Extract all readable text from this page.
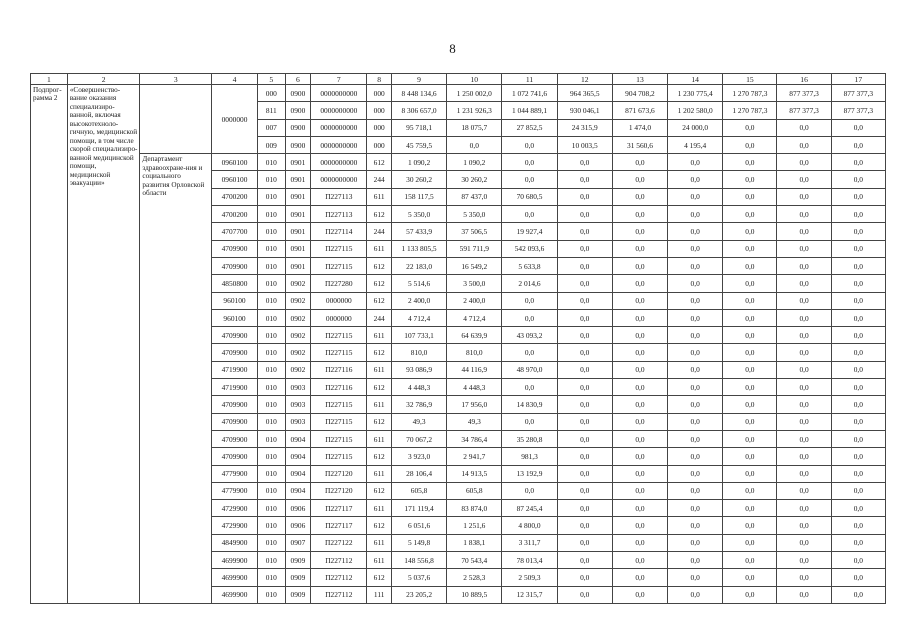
8
1	2	3	4	5	6	7	8	9	10	11	12	13	14	15	16	17
Подпрог-рамма 2	«Совершенство-вание оказания специализиро-ванной, включая высокотехноло-гичную, медицинской помощи, в том числе скорой специализиро-ванной медицинской помощи, медицинской эвакуации»		0000000	000	0900	0000000000	000	8 448 134,6	1 250 002,0	1 072 741,6	964 365,5	904 708,2	1 230 775,4	1 270 787,3	877 377,3	877 377,3
				811	0900	0000000000	000	8 306 657,0	1 231 926,3	1 044 889,1	930 046,1	871 673,6	1 202 580,0	1 270 787,3	877 377,3	877 377,3
				007	0900	0000000000	000	95 718,1	18 075,7	27 852,5	24 315,9	1 474,0	24 000,0	0,0	0,0	0,0
				009	0900	0000000000	000	45 759,5	0,0	0,0	10 003,5	31 560,6	4 195,4	0,0	0,0	0,0
		Департамент здравоохране-ния и социального развития Орловской области	0960100	010	0901	0000000000	612	1 090,2	1 090,2	0,0	0,0	0,0	0,0	0,0	0,0	0,0
			0960100	010	0901	0000000000	244	30 260,2	30 260,2	0,0	0,0	0,0	0,0	0,0	0,0	0,0
			4700200	010	0901	П227113	611	158 117,5	87 437,0	70 680,5	0,0	0,0	0,0	0,0	0,0	0,0
			4700200	010	0901	П227113	612	5 350,0	5 350,0	0,0	0,0	0,0	0,0	0,0	0,0	0,0
			4707700	010	0901	П227114	244	57 433,9	37 506,5	19 927,4	0,0	0,0	0,0	0,0	0,0	0,0
			4709900	010	0901	П227115	611	1 133 805,5	591 711,9	542 093,6	0,0	0,0	0,0	0,0	0,0	0,0
			4709900	010	0901	П227115	612	22 183,0	16 549,2	5 633,8	0,0	0,0	0,0	0,0	0,0	0,0
			4850800	010	0902	П227280	612	5 514,6	3 500,0	2 014,6	0,0	0,0	0,0	0,0	0,0	0,0
			960100	010	0902	0000000	612	2 400,0	2 400,0	0,0	0,0	0,0	0,0	0,0	0,0	0,0
			960100	010	0902	0000000	244	4 712,4	4 712,4	0,0	0,0	0,0	0,0	0,0	0,0	0,0
			4709900	010	0902	П227115	611	107 733,1	64 639,9	43 093,2	0,0	0,0	0,0	0,0	0,0	0,0
			4709900	010	0902	П227115	612	810,0	810,0	0,0	0,0	0,0	0,0	0,0	0,0	0,0
			4719900	010	0902	П227116	611	93 086,9	44 116,9	48 970,0	0,0	0,0	0,0	0,0	0,0	0,0
			4719900	010	0903	П227116	612	4 448,3	4 448,3	0,0	0,0	0,0	0,0	0,0	0,0	0,0
			4709900	010	0903	П227115	611	32 786,9	17 956,0	14 830,9	0,0	0,0	0,0	0,0	0,0	0,0
			4709900	010	0903	П227115	612	49,3	49,3	0,0	0,0	0,0	0,0	0,0	0,0	0,0
			4709900	010	0904	П227115	611	70 067,2	34 786,4	35 280,8	0,0	0,0	0,0	0,0	0,0	0,0
			4709900	010	0904	П227115	612	3 923,0	2 941,7	981,3	0,0	0,0	0,0	0,0	0,0	0,0
			4779900	010	0904	П227120	611	28 106,4	14 913,5	13 192,9	0,0	0,0	0,0	0,0	0,0	0,0
			4779900	010	0904	П227120	612	605,8	605,8	0,0	0,0	0,0	0,0	0,0	0,0	0,0
			4729900	010	0906	П227117	611	171 119,4	83 874,0	87 245,4	0,0	0,0	0,0	0,0	0,0	0,0
			4729900	010	0906	П227117	612	6 051,6	1 251,6	4 800,0	0,0	0,0	0,0	0,0	0,0	0,0
			4849900	010	0907	П227122	611	5 149,8	1 838,1	3 311,7	0,0	0,0	0,0	0,0	0,0	0,0
			4699900	010	0909	П227112	611	148 556,8	70 543,4	78 013,4	0,0	0,0	0,0	0,0	0,0	0,0
			4699900	010	0909	П227112	612	5 037,6	2 528,3	2 509,3	0,0	0,0	0,0	0,0	0,0	0,0
			4699900	010	0909	П227112	111	23 205,2	10 889,5	12 315,7	0,0	0,0	0,0	0,0	0,0	0,0
